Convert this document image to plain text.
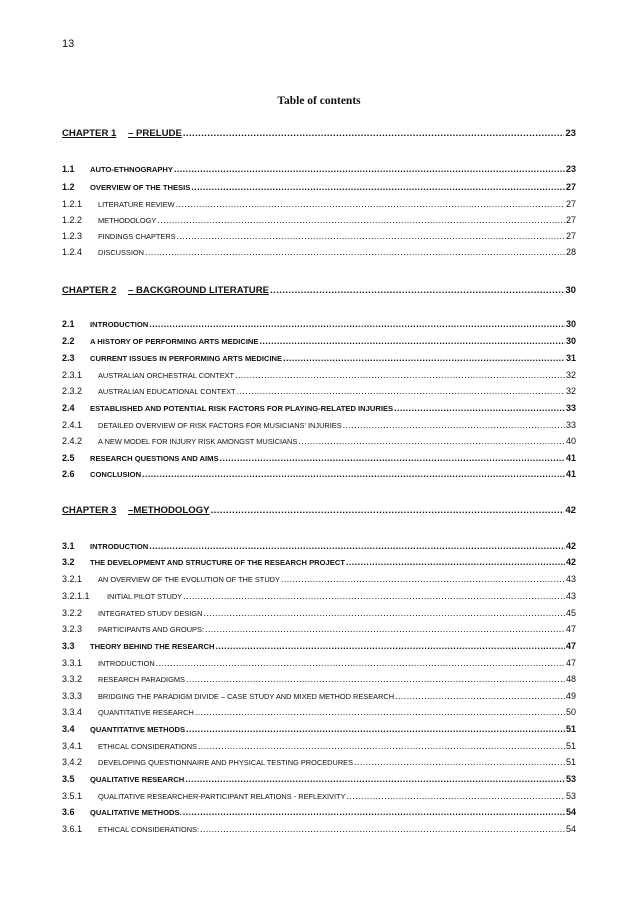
13
Table of contents
CHAPTER 1	– PRELUDE .....	23
1.1	AUTO-ETHNOGRAPHY .....	23
1.2	OVERVIEW OF THE THESIS .....	27
1.2.1	LITERATURE REVIEW .....	27
1.2.2	METHODOLOGY .....	27
1.2.3	FINDINGS CHAPTERS .....	27
1.2.4	DISCUSSION .....	28
CHAPTER 2	– BACKGROUND LITERATURE .....	30
2.1	INTRODUCTION .....	30
2.2	A HISTORY OF PERFORMING ARTS MEDICINE .....	30
2.3	CURRENT ISSUES IN PERFORMING ARTS MEDICINE .....	31
2.3.1	AUSTRALIAN ORCHESTRAL CONTEXT .....	32
2.3.2	AUSTRALIAN EDUCATIONAL CONTEXT .....	32
2.4	ESTABLISHED AND POTENTIAL RISK FACTORS FOR PLAYING-RELATED INJURIES .....	33
2.4.1	DETAILED OVERVIEW OF RISK FACTORS FOR MUSICIANS’ INJURIES .....	33
2.4.2	A NEW MODEL FOR INJURY RISK AMONGST MUSICIANS .....	40
2.5	RESEARCH QUESTIONS AND AIMS .....	41
2.6	CONCLUSION .....	41
CHAPTER 3	–METHODOLOGY .....	42
3.1	INTRODUCTION .....	42
3.2	THE DEVELOPMENT AND STRUCTURE OF THE RESEARCH PROJECT .....	42
3.2.1	AN OVERVIEW OF THE EVOLUTION OF THE STUDY .....	43
3.2.1.1	INITIAL PILOT STUDY .....	43
3.2.2	INTEGRATED STUDY DESIGN .....	45
3.2.3	PARTICIPANTS AND GROUPS: .....	47
3.3	THEORY BEHIND THE RESEARCH .....	47
3.3.1	INTRODUCTION .....	47
3.3.2	RESEARCH PARADIGMS .....	48
3.3.3	BRIDGING THE PARADIGM DIVIDE – CASE STUDY AND MIXED METHOD RESEARCH .....	49
3.3.4	QUANTITATIVE RESEARCH .....	50
3.4	QUANTITATIVE METHODS .....	51
3.4.1	ETHICAL CONSIDERATIONS .....	51
3.4.2	DEVELOPING QUESTIONNAIRE AND PHYSICAL TESTING PROCEDURES .....	51
3.5	QUALITATIVE RESEARCH .....	53
3.5.1	QUALITATIVE RESEARCHER-PARTICIPANT RELATIONS - REFLEXIVITY .....	53
3.6	QUALITATIVE METHODS. .....	54
3.6.1	ETHICAL CONSIDERATIONS: .....	54
